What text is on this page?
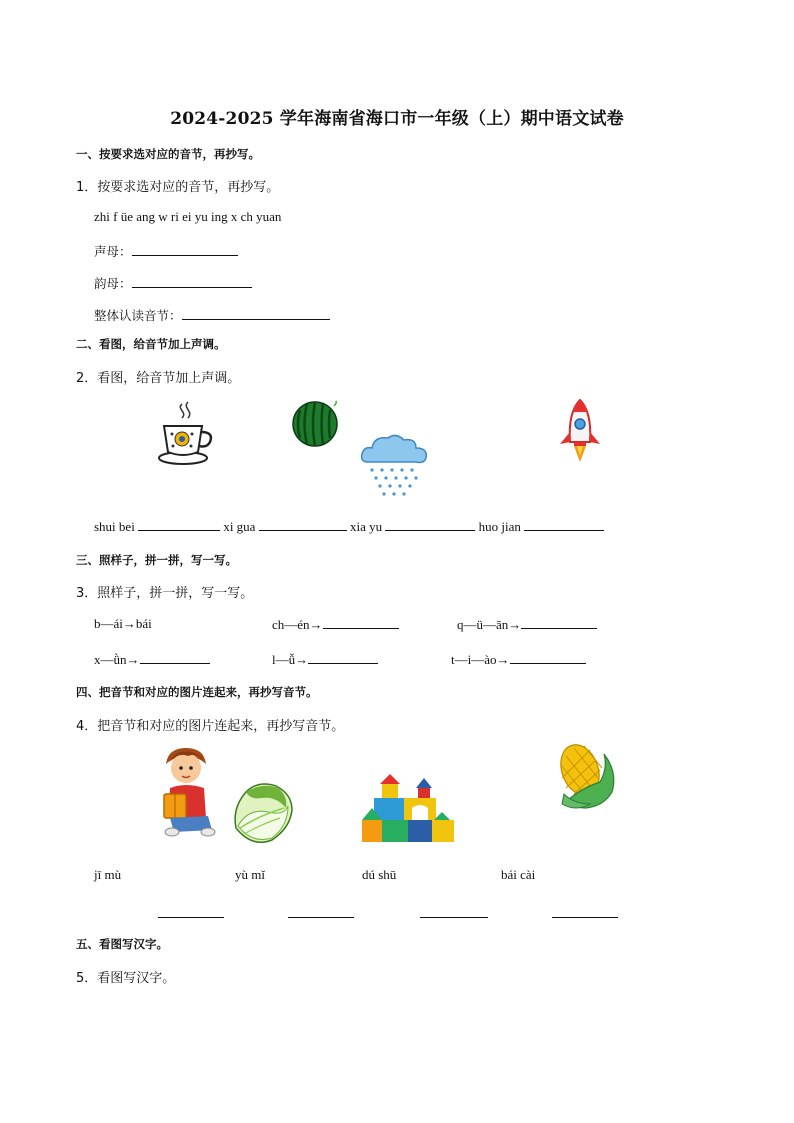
2024-2025 学年海南省海口市一年级（上）期中语文试卷
一、按要求选对应的音节，再抄写。
1．按要求选对应的音节，再抄写。
zhi f üe ang w ri ei yu ing x ch yuan
声母：
韵母：
整体认读音节：
二、看图，给音节加上声调。
2．看图，给音节加上声调。
shui bei	xi gua	xia yu	huo jian
三、照样子，拼一拼，写一写。
3．照样子，拼一拼，写一写。
b—ái→bái	ch—én→	q—ü—ān→
x—ǜn→	l—ǚ→	t—i—ào→
四、把音节和对应的图片连起来，再抄写音节。
4．把音节和对应的图片连起来，再抄写音节。
jī mù	yù mǐ	dú shū	bái cài
五、看图写汉字。
5．看图写汉字。
